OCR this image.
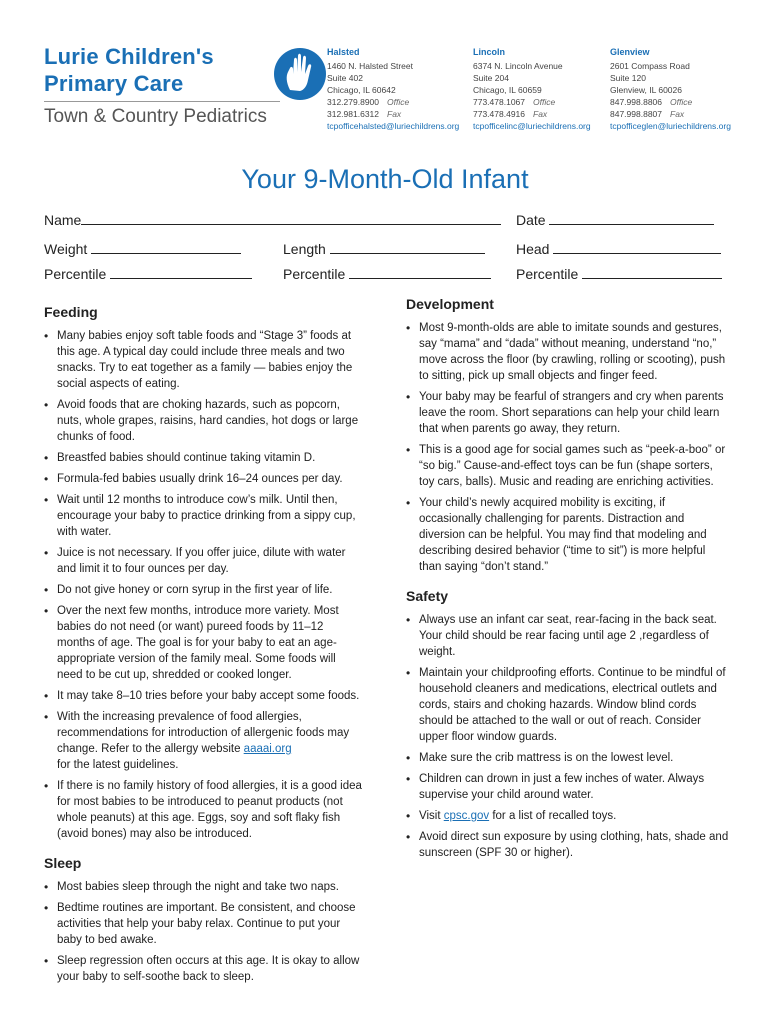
Lurie Children's
Primary Care
Town & Country Pediatrics
Halsted
1460 N. Halsted Street
Suite 402
Chicago, IL 60642
312.279.8900 Office
312.981.6312 Fax
tcpofficehalsted@luriechildrens.org
Lincoln
6374 N. Lincoln Avenue
Suite 204
Chicago, IL 60659
773.478.1067 Office
773.478.4916 Fax
tcpofficelinc@luriechildrens.org
Glenview
2601 Compass Road
Suite 120
Glenview, IL 60026
847.998.8806 Office
847.998.8807 Fax
tcpofficeglen@luriechildrens.org
Your 9-Month-Old Infant
Name	Date
Weight	Length	Head
Percentile	Percentile	Percentile
Feeding
• Many babies enjoy soft table foods and “Stage 3” foods at this age. A typical day could include three meals and two snacks. Try to eat together as a family — babies enjoy the social aspects of eating.
• Avoid foods that are choking hazards, such as popcorn, nuts, whole grapes, raisins, hard candies, hot dogs or large chunks of food.
• Breastfed babies should continue taking vitamin D.
• Formula-fed babies usually drink 16–24 ounces per day.
• Wait until 12 months to introduce cow’s milk. Until then, encourage your baby to practice drinking from a sippy cup, with water.
• Juice is not necessary. If you offer juice, dilute with water and limit it to four ounces per day.
• Do not give honey or corn syrup in the first year of life.
• Over the next few months, introduce more variety. Most babies do not need (or want) pureed foods by 11–12 months of age. The goal is for your baby to eat an age-appropriate version of the family meal. Some foods will need to be cut up, shredded or cooked longer.
• It may take 8–10 tries before your baby accept some foods.
• With the increasing prevalence of food allergies, recommendations for introduction of allergenic foods may change. Refer to the allergy website aaaai.org
for the latest guidelines.
• If there is no family history of food allergies, it is a good idea for most babies to be introduced to peanut products (not whole peanuts) at this age. Eggs, soy and soft flaky fish (avoid bones) may also be introduced.
Sleep
• Most babies sleep through the night and take two naps.
• Bedtime routines are important. Be consistent, and choose activities that help your baby relax. Continue to put your baby to bed awake.
• Sleep regression often occurs at this age. It is okay to allow your baby to self-soothe back to sleep.
Development
• Most 9-month-olds are able to imitate sounds and gestures, say “mama” and “dada” without meaning, understand “no,” move across the floor (by crawling, rolling or scooting), push to sitting, pick up small objects and finger feed.
• Your baby may be fearful of strangers and cry when parents leave the room. Short separations can help your child learn that when parents go away, they return.
• This is a good age for social games such as “peek-a-boo” or “so big.” Cause-and-effect toys can be fun (shape sorters, toy cars, balls). Music and reading are enriching activities.
• Your child’s newly acquired mobility is exciting, if occasionally challenging for parents. Distraction and diversion can be helpful. You may find that modeling and describing desired behavior (“time to sit”) is more helpful than saying “don’t stand.”
Safety
• Always use an infant car seat, rear-facing in the back seat. Your child should be rear facing until age 2 ,regardless of weight.
• Maintain your childproofing efforts. Continue to be mindful of household cleaners and medications, electrical outlets and cords, stairs and choking hazards. Window blind cords should be attached to the wall or out of reach. Consider upper floor window guards.
• Make sure the crib mattress is on the lowest level.
• Children can drown in just a few inches of water. Always supervise your child around water.
• Visit cpsc.gov for a list of recalled toys.
• Avoid direct sun exposure by using clothing, hats, shade and sunscreen (SPF 30 or higher).
